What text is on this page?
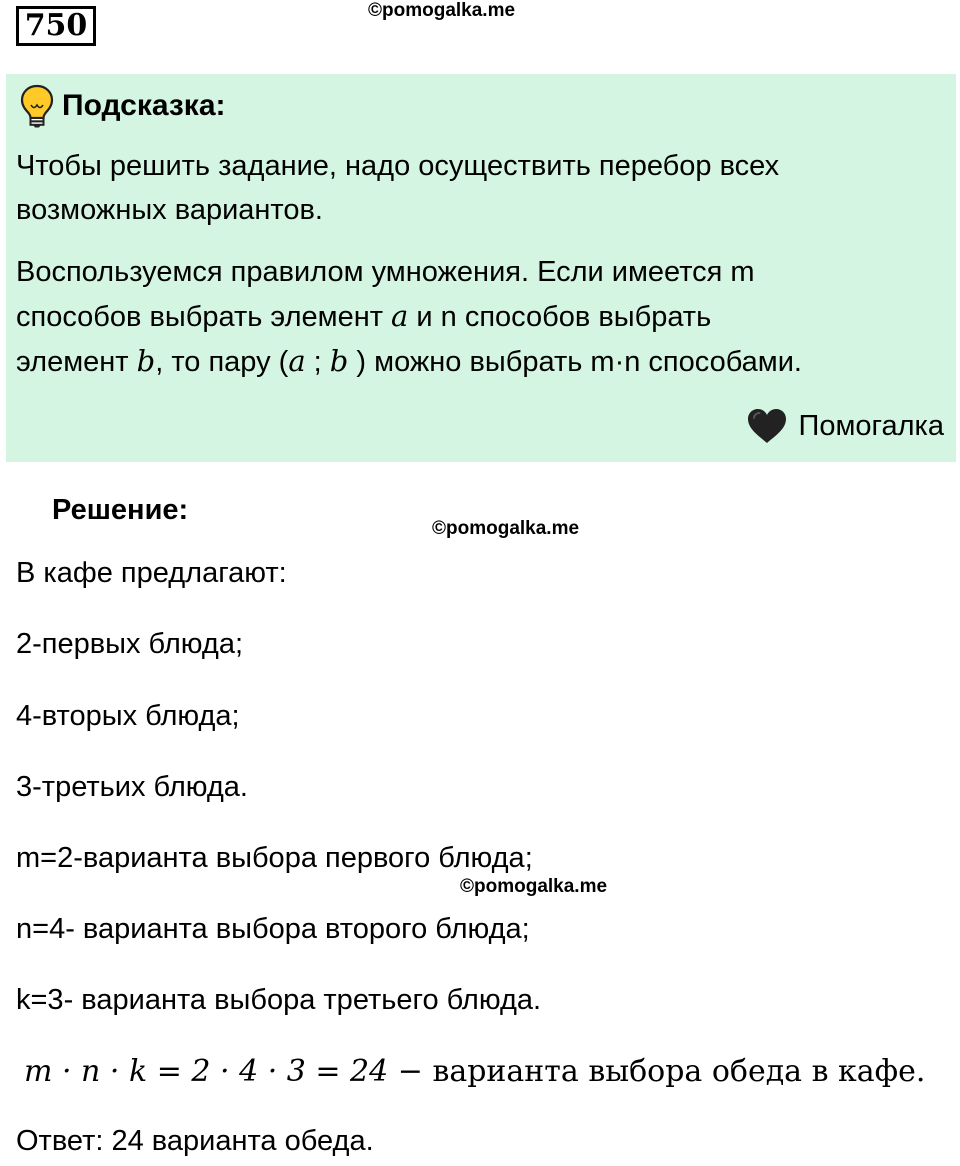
750	©pomogalka.me
Подсказка:

Чтобы решить задание, надо осуществить перебор всех
возможных вариантов.

Воспользуемся правилом умножения. Если имеется m
способов выбрать элемент a и n способов выбрать
элемент b, то пару (a ; b ) можно выбрать m·n способами.

Помогалка
Решение:
©pomogalka.me
В кафе предлагают:
2-первых блюда;
4-вторых блюда;
3-третьих блюда.
m=2-варианта выбора первого блюда;
©pomogalka.me
n=4- варианта выбора второго блюда;
k=3- варианта выбора третьего блюда.
m · n · k = 2 · 4 · 3 = 24 − варианта выбора обеда в кафе.
Ответ: 24 варианта обеда.
